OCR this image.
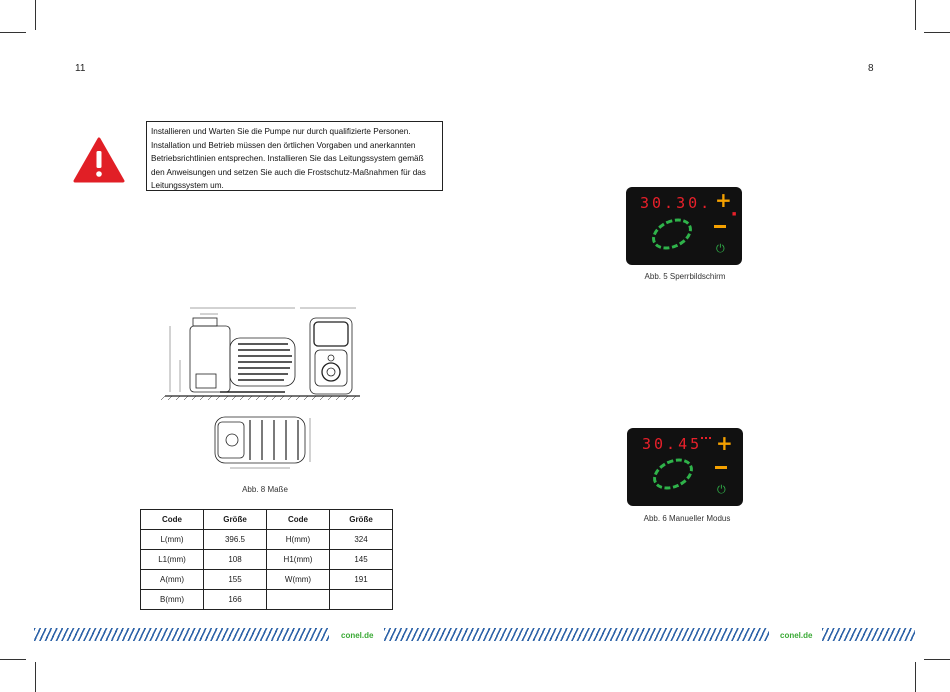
11	8
Installieren und Warten Sie die Pumpe nur durch qualifizierte Personen.
Installation und Betrieb müssen den örtlichen Vorgaben und anerkannten
Betriebsrichtlinien entsprechen. Installieren Sie das Leitungssystem gemäß
den Anweisungen und setzen Sie auch die Frostschutz-Maßnahmen für das
Leitungssystem um.
Abb. 8 Maße
Code	Größe	Code	Größe
L(mm)	396.5	H(mm)	324
L1(mm)	108	H1(mm)	145
A(mm)	155	W(mm)	191
B(mm)	166		
conel.de	conel.de
30.30. +
■
⏻
Abb. 5 Sperrbildschirm
30.45 +
⏻
Abb. 6 Manueller Modus
